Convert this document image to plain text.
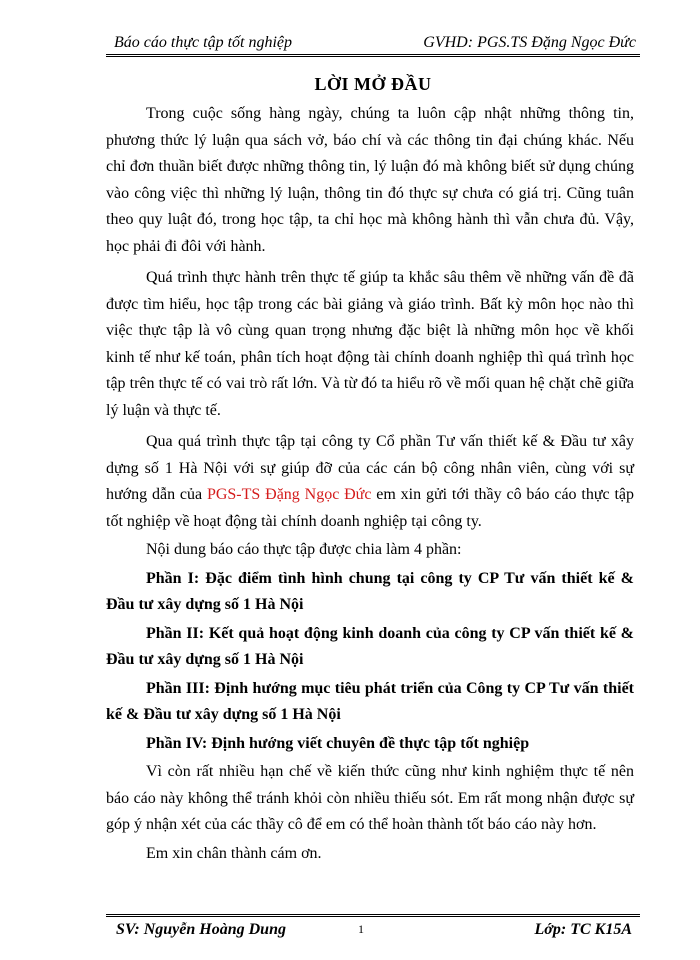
Báo cáo thực tập tốt nghiệp	GVHD: PGS.TS Đặng Ngọc Đức
LỜI MỞ ĐẦU

Trong cuộc sống hàng ngày, chúng ta luôn cập nhật những thông tin, phương thức lý luận qua sách vở, báo chí và các thông tin đại chúng khác. Nếu chỉ đơn thuần biết được những thông tin, lý luận đó mà không biết sử dụng chúng vào công việc thì những lý luận, thông tin đó thực sự chưa có giá trị. Cũng tuân theo quy luật đó, trong học tập, ta chỉ học mà không hành thì vẫn chưa đủ. Vậy, học phải đi đôi với hành.

Quá trình thực hành trên thực tế giúp ta khắc sâu thêm về những vấn đề đã được tìm hiểu, học tập trong các bài giảng và giáo trình. Bất kỳ môn học nào thì việc thực tập là vô cùng quan trọng nhưng đặc biệt là những môn học về khối kinh tế như kế toán, phân tích hoạt động tài chính doanh nghiệp thì quá trình học tập trên thực tế có vai trò rất lớn. Và từ đó ta hiểu rõ về mối quan hệ chặt chẽ giữa lý luận và thực tế.

Qua quá trình thực tập tại công ty Cổ phần Tư vấn thiết kế & Đầu tư xây dựng số 1 Hà Nội với sự giúp đỡ của các cán bộ công nhân viên, cùng với sự hướng dẫn của PGS-TS Đặng Ngọc Đức em xin gửi tới thầy cô báo cáo thực tập tốt nghiệp về hoạt động tài chính doanh nghiệp tại công ty.

Nội dung báo cáo thực tập được chia làm 4 phần:

Phần I: Đặc điểm tình hình chung tại công ty CP Tư vấn thiết kế & Đầu tư xây dựng số 1 Hà Nội

Phần II: Kết quả hoạt động kinh doanh của công ty CP vấn thiết kế & Đầu tư xây dựng số 1 Hà Nội

Phần III: Định hướng mục tiêu phát triển của Công ty CP Tư vấn thiết kế & Đầu tư xây dựng số 1 Hà Nội

Phần IV: Định hướng viết chuyên đề thực tập tốt nghiệp

Vì còn rất nhiều hạn chế về kiến thức cũng như kinh nghiệm thực tế nên báo cáo này không thể tránh khỏi còn nhiều thiếu sót. Em rất mong nhận được sự góp ý nhận xét của các thầy cô để em có thể hoàn thành tốt báo cáo này hơn.

Em xin chân thành cám ơn.

SV: Nguyễn Hoàng Dung	1	Lớp: TC K15A
